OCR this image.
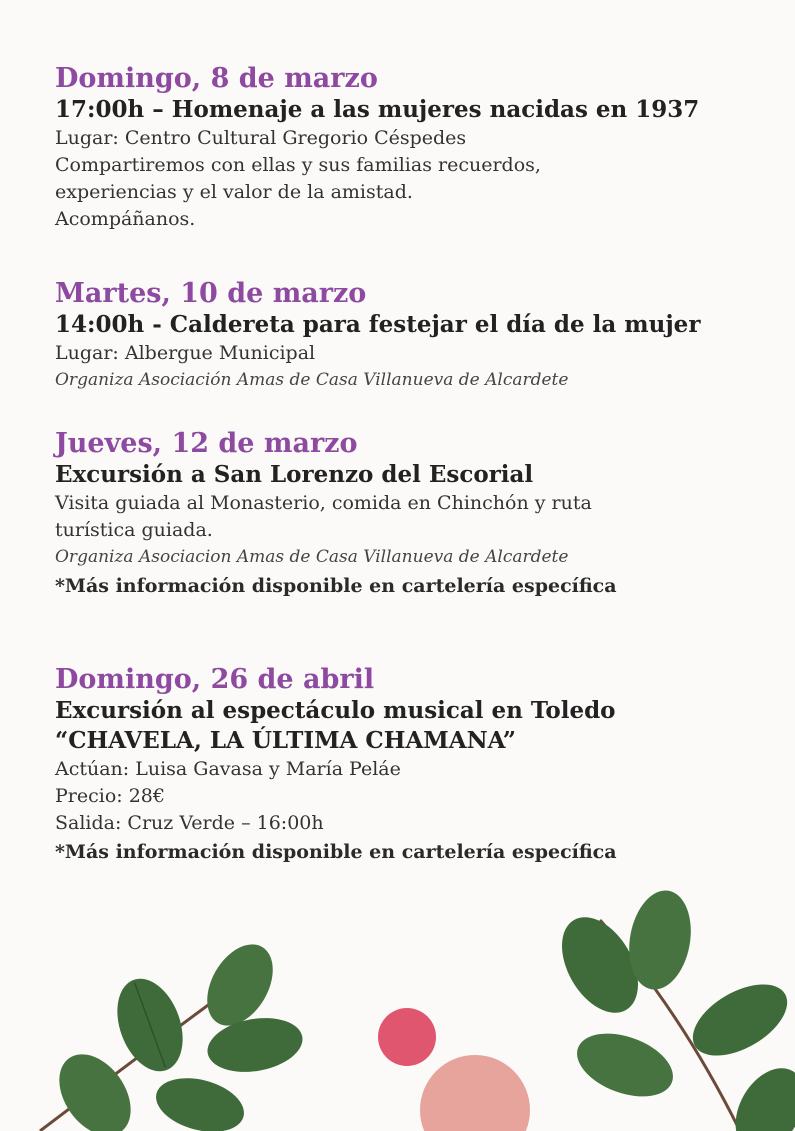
Domingo, 8 de marzo

17:00h – Homenaje a las mujeres nacidas en 1937

Lugar: Centro Cultural Gregorio Céspedes

Compartiremos con ellas y sus familias recuerdos,

experiencias y el valor de la amistad.

Acompáñanos.

Martes, 10 de marzo

14:00h - Caldereta para festejar el día de la mujer

Lugar: Albergue Municipal

Organiza Asociación Amas de Casa Villanueva de Alcardete

Jueves, 12 de marzo

Excursión a San Lorenzo del Escorial

Visita guiada al Monasterio, comida en Chinchón y ruta

turística guiada.

Organiza Asociacion Amas de Casa Villanueva de Alcardete

*Más información disponible en cartelería específica

Domingo, 26 de abril

Excursión al espectáculo musical en Toledo

“CHAVELA, LA ÚLTIMA CHAMANA”

Actúan: Luisa Gavasa y María Peláe

Precio: 28€

Salida: Cruz Verde – 16:00h

*Más información disponible en cartelería específica
